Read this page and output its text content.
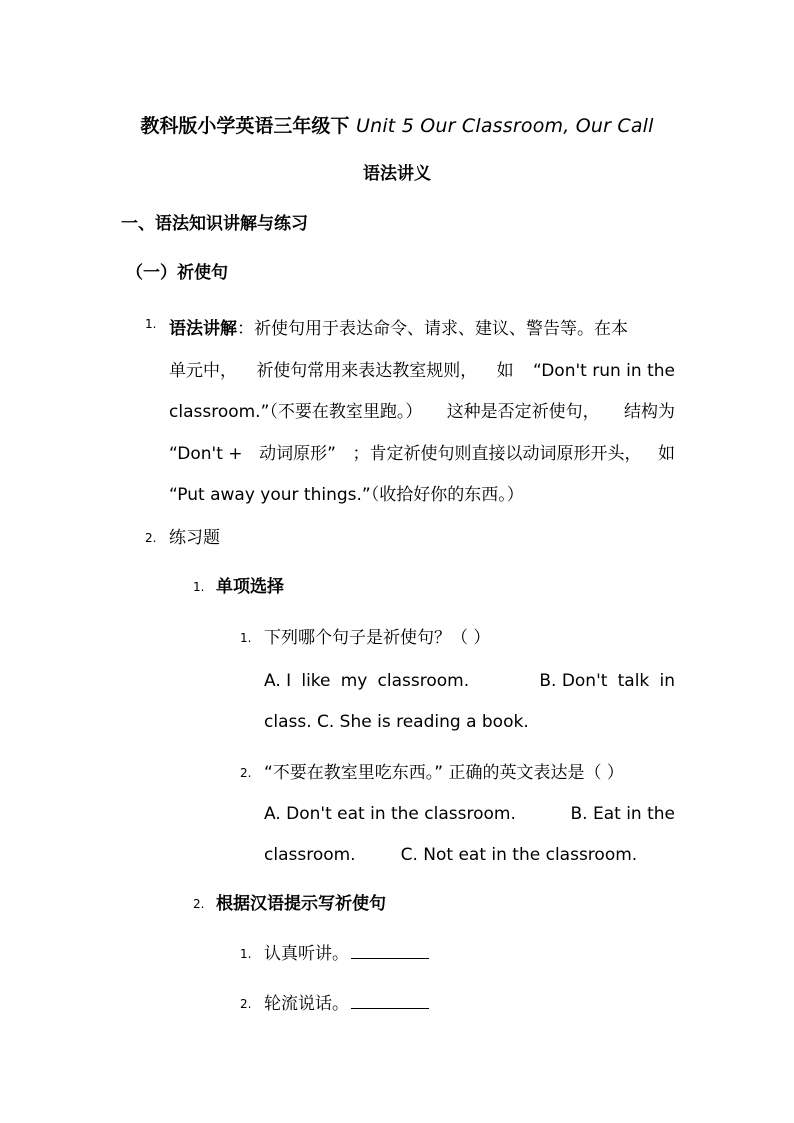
教科版小学英语三年级下 Unit 5 Our Classroom, Our Call
语法讲义
一、语法知识讲解与练习
（一）祈使句
1. 语法讲解 ：祈使句用于表达命令、请求、建议、警告等。在本
单元中， 祈使句常用来表达教室规则， 如 “Don't run in the
classroom.”（不要在教室里跑。） 这种是否定祈使句， 结构为
“Don't + 动词原形” ；肯定祈使句则直接以动词原形开头， 如
“Put away your things.”（收拾好你的东西。）
2. 练习题
1. 单项选择
1. 下列哪个句子是祈使句？（ ）
A. I like my classroom.	B. Don't talk in
class. C. She is reading a book.
2. “不要在教室里吃东西。” 正确的英文表达是（ ）
A. Don't eat in the classroom.	B. Eat in the
classroom.	C. Not eat in the classroom.
2. 根据汉语提示写祈使句
1. 认真听讲。
2. 轮流说话。
